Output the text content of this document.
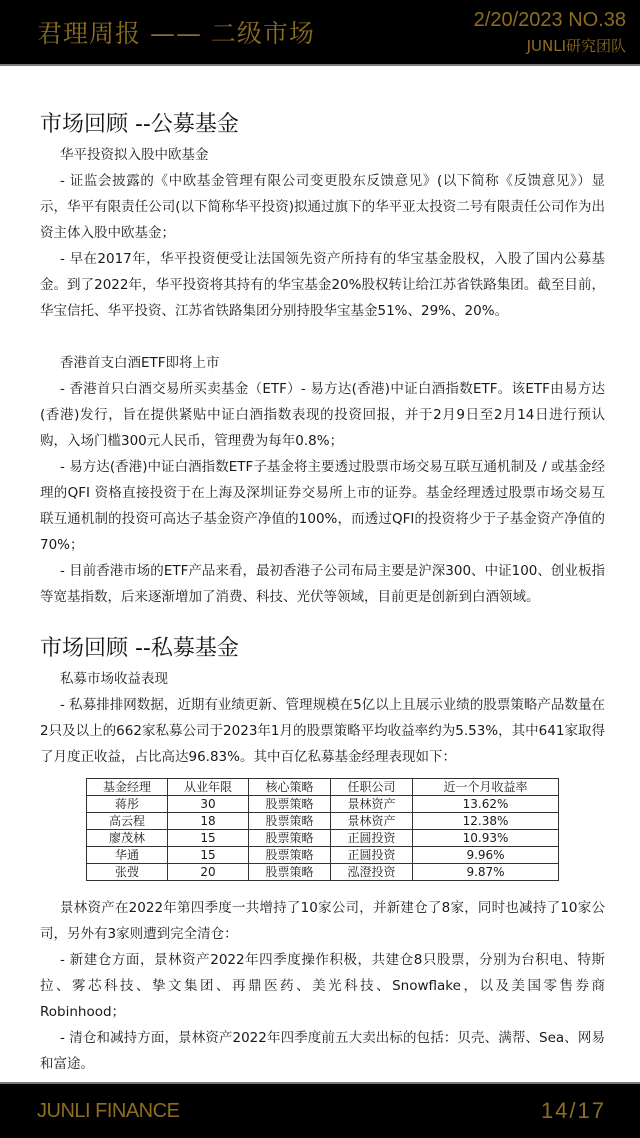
君理周报 —— 二级市场	2/20/2023 NO.38
JUNLI研究团队
市场回顾 --公募基金
华平投资拟入股中欧基金

- 证监会披露的《中欧基金管理有限公司变更股东反馈意见》(以下简称《反馈意见》）显示，华平有限责任公司(以下简称华平投资)拟通过旗下的华平亚太投资二号有限责任公司作为出资主体入股中欧基金；

- 早在2017年，华平投资便受让法国领先资产所持有的华宝基金股权，入股了国内公募基金。到了2022年，华平投资将其持有的华宝基金20%股权转让给江苏省铁路集团。截至目前，华宝信托、华平投资、江苏省铁路集团分别持股华宝基金51%、29%、20%。

香港首支白酒ETF即将上市

- 香港首只白酒交易所买卖基金（ETF）- 易方达(香港)中证白酒指数ETF。该ETF由易方达(香港)发行，旨在提供紧贴中证白酒指数表现的投资回报，并于2月9日至2月14日进行预认购，入场门槛300元人民币，管理费为每年0.8%；

- 易方达(香港)中证白酒指数ETF子基金将主要透过股票市场交易互联互通机制及 / 或基金经理的QFI 资格直接投资于在上海及深圳证券交易所上市的证券。基金经理透过股票市场交易互联互通机制的投资可高达子基金资产净值的100%，而透过QFI的投资将少于子基金资产净值的70%；

- 目前香港市场的ETF产品来看，最初香港子公司布局主要是沪深300、中证100、创业板指等宽基指数，后来逐渐增加了消费、科技、光伏等领域，目前更是创新到白酒领域。

市场回顾 --私募基金
私募市场收益表现

- 私募排排网数据，近期有业绩更新、管理规模在5亿以上且展示业绩的股票策略产品数量在2只及以上的662家私募公司于2023年1月的股票策略平均收益率约为5.53%，其中641家取得了月度正收益，占比高达96.83%。其中百亿私募基金经理表现如下：

基金经理	从业年限	核心策略	任职公司	近一个月收益率
蒋彤	30	股票策略	景林资产	13.62%
高云程	18	股票策略	景林资产	12.38%
廖茂林	15	股票策略	正圆投资	10.93%
华通	15	股票策略	正圆投资	9.96%
张弢	20	股票策略	泓澄投资	9.87%

景林资产在2022年第四季度一共增持了10家公司，并新建仓了8家，同时也减持了10家公司，另外有3家则遭到完全清仓：

- 新建仓方面，景林资产2022年四季度操作积极，共建仓8只股票，分别为台积电、特斯拉、雾芯科技、挚文集团、再鼎医药、美光科技、Snowflake，以及美国零售券商Robinhood；

- 清仓和减持方面，景林资产2022年四季度前五大卖出标的包括：贝壳、满帮、Sea、网易和富途。

JUNLI FINANCE	14/17
